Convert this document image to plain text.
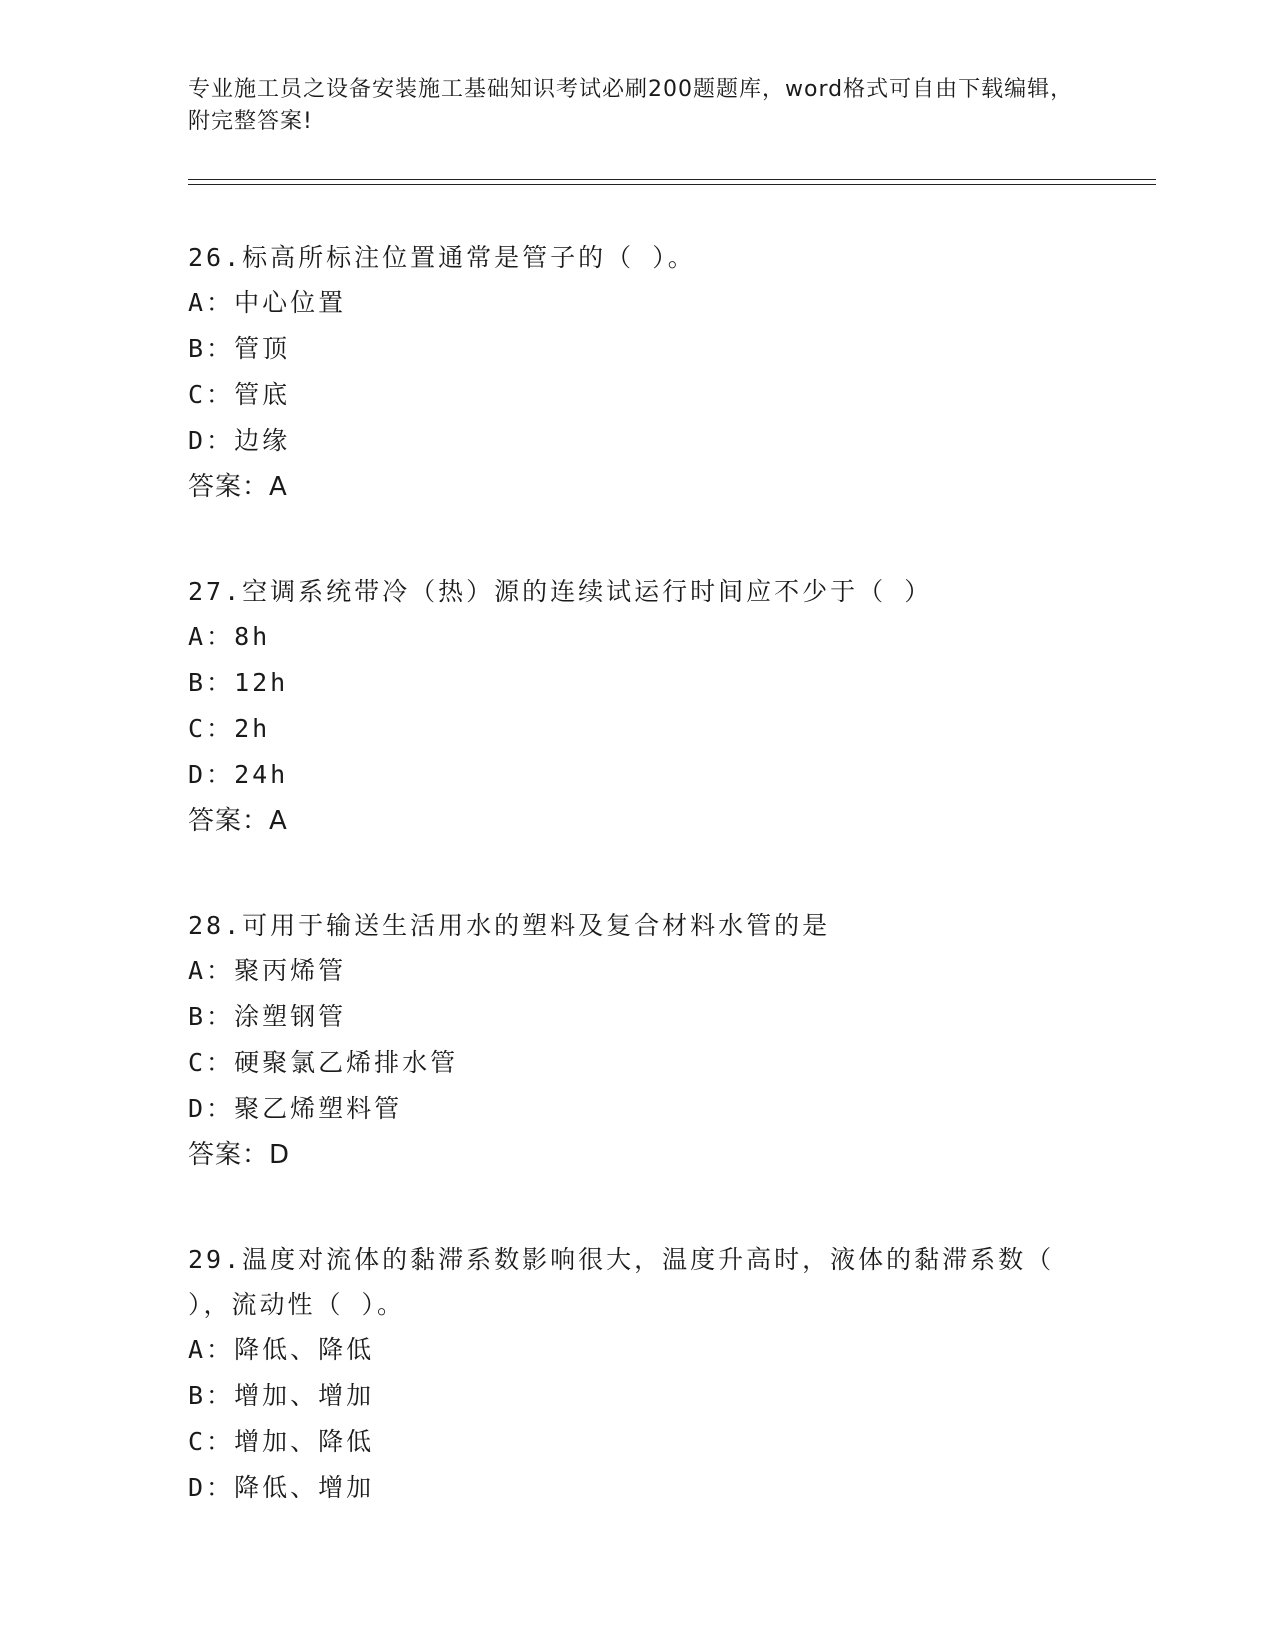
专业施工员之设备安装施工基础知识考试必刷200题题库，word格式可自由下载编辑，附完整答案!
26.标高所标注位置通常是管子的（ ）。
A： 中心位置
B： 管顶
C： 管底
D： 边缘
答案：A
27.空调系统带冷（热）源的连续试运行时间应不少于（ ）
A： 8h
B： 12h
C： 2h
D： 24h
答案：A
28.可用于输送生活用水的塑料及复合材料水管的是
A： 聚丙烯管
B： 涂塑钢管
C： 硬聚氯乙烯排水管
D： 聚乙烯塑料管
答案：D
29.温度对流体的黏滞系数影响很大，温度升高时，液体的黏滞系数（ ），流动性（ ）。
A： 降低、降低
B： 增加、增加
C： 增加、降低
D： 降低、增加
